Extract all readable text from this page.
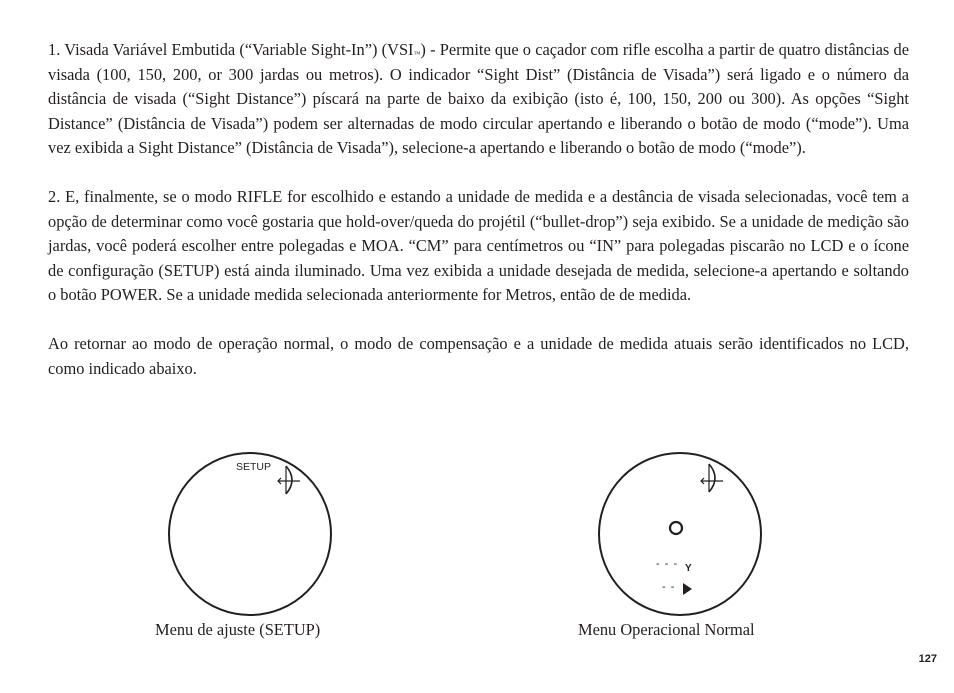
1. Visada Variável Embutida (“Variable Sight-In”) (VSI™) - Permite que o caçador com rifle escolha a partir de quatro distâncias de visada (100, 150, 200, or 300 jardas ou metros). O indicador “Sight Dist” (Distância de Visada”) será ligado e o número da distância de visada (“Sight Distance”) píscará na parte de baixo da exibição (isto é, 100, 150, 200 ou 300). As opções “Sight Distance” (Distância de Visada”) podem ser alternadas de modo circular apertando e liberando o botão de modo (“mode”). Uma vez exibida a Sight Distance” (Distância de Visada”), selecione-a apertando e liberando o botão de modo (“mode”).

2. E, finalmente, se o modo RIFLE for escolhido e estando a unidade de medida e a destância de visada selecionadas, você tem a opção de determinar como você gostaria que hold-over/queda do projétil (“bullet-drop”) seja exibido. Se a unidade de medição são jardas, você poderá escolher entre polegadas e MOA. “CM” para centímetros ou “IN” para polegadas piscarão no LCD e o ícone de configuração (SETUP) está ainda iluminado. Uma vez exibida a unidade desejada de medida, selecione-a apertando e soltando o botão POWER. Se a unidade medida selecionada anteriormente for Metros, então de de medida.

Ao retornar ao modo de operação normal, o modo de compensação e a unidade de medida atuais serão identificados no LCD, como indicado abaixo.

SETUP
Menu de ajuste (SETUP)
- - - Y
- -
Menu Operacional Normal
127
